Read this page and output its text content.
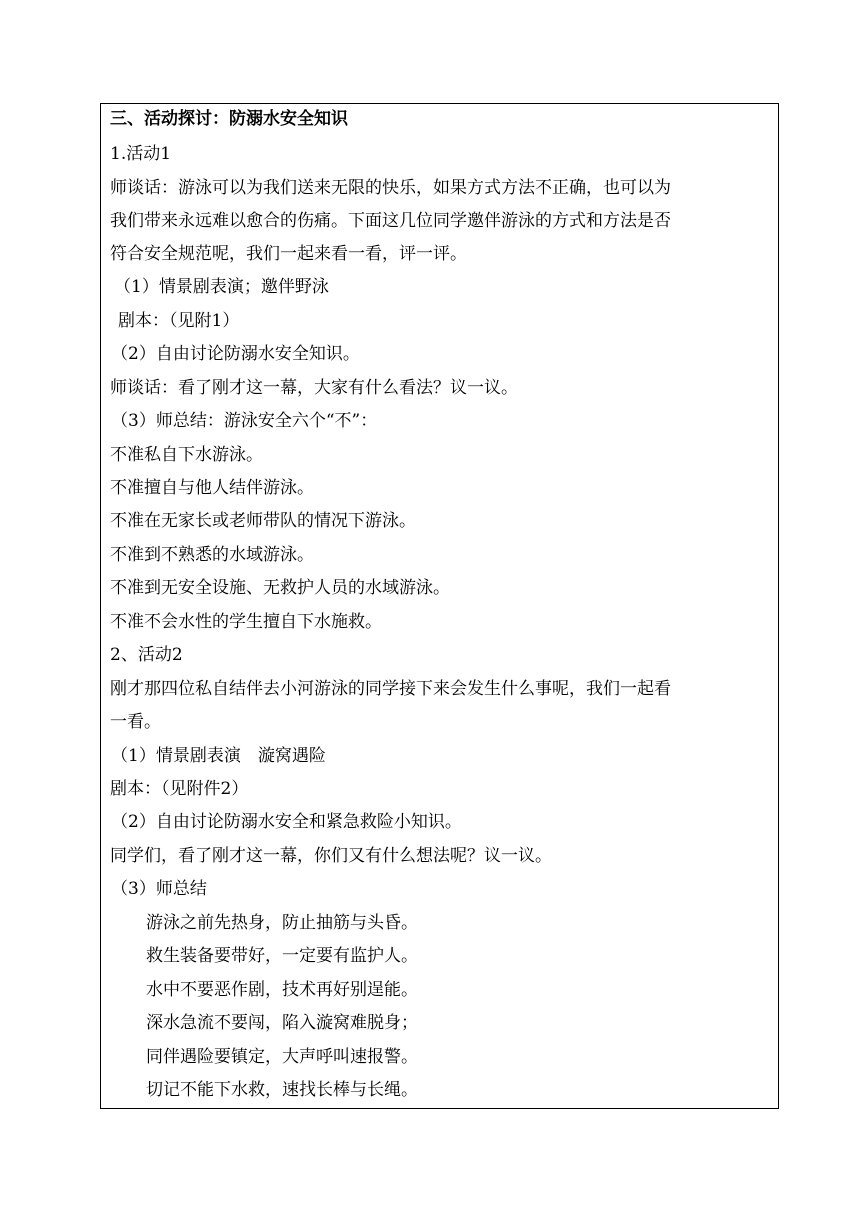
三、活动探讨：防溺水安全知识
1.活动1
师谈话：游泳可以为我们送来无限的快乐，如果方式方法不正确，也可以为
我们带来永远难以愈合的伤痛。下面这几位同学邀伴游泳的方式和方法是否
符合安全规范呢，我们一起来看一看，评一评。
（1）情景剧表演；邀伴野泳
剧本：（见附1）
（2）自由讨论防溺水安全知识。
师谈话：看了刚才这一幕，大家有什么看法？议一议。
（3）师总结：游泳安全六个“不”：
不准私自下水游泳。
不准擅自与他人结伴游泳。
不准在无家长或老师带队的情况下游泳。
不准到不熟悉的水域游泳。
不准到无安全设施、无救护人员的水域游泳。
不准不会水性的学生擅自下水施救。
2、活动2
刚才那四位私自结伴去小河游泳的同学接下来会发生什么事呢，我们一起看
一看。
（1）情景剧表演　漩窝遇险
剧本：（见附件2）
（2）自由讨论防溺水安全和紧急救险小知识。
同学们，看了刚才这一幕，你们又有什么想法呢？议一议。
（3）师总结
游泳之前先热身，防止抽筋与头昏。
救生装备要带好，一定要有监护人。
水中不要恶作剧，技术再好别逞能。
深水急流不要闯，陷入漩窝难脱身；
同伴遇险要镇定，大声呼叫速报警。
切记不能下水救，速找长棒与长绳。
